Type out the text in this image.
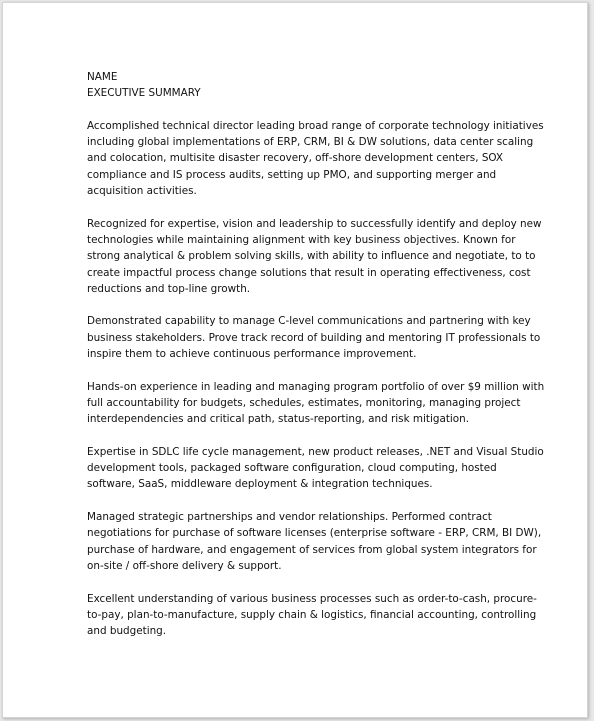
NAME

EXECUTIVE SUMMARY

Accomplished technical director leading broad range of corporate technology initiatives including global implementations of ERP, CRM, BI & DW solutions, data center scaling and colocation, multisite disaster recovery, off-shore development centers, SOX compliance and IS process audits, setting up PMO, and supporting merger and acquisition activities.

Recognized for expertise, vision and leadership to successfully identify and deploy new technologies while maintaining alignment with key business objectives. Known for strong analytical & problem solving skills, with ability to influence and negotiate, to to create impactful process change solutions that result in operating effectiveness, cost reductions and top-line growth.

Demonstrated capability to manage C-level communications and partnering with key business stakeholders. Prove track record of building and mentoring IT professionals to inspire them to achieve continuous performance improvement.

Hands-on experience in leading and managing program portfolio of over $9 million with full accountability for budgets, schedules, estimates, monitoring, managing project interdependencies and critical path, status-reporting, and risk mitigation.

Expertise in SDLC life cycle management, new product releases, .NET and Visual Studio development tools, packaged software configuration, cloud computing, hosted software, SaaS, middleware deployment & integration techniques.

Managed strategic partnerships and vendor relationships. Performed contract negotiations for purchase of software licenses (enterprise software - ERP, CRM, BI DW), purchase of hardware, and engagement of services from global system integrators for on-site / off-shore delivery & support.

Excellent understanding of various business processes such as order-to-cash, procure-to-pay, plan-to-manufacture, supply chain & logistics, financial accounting, controlling and budgeting.
